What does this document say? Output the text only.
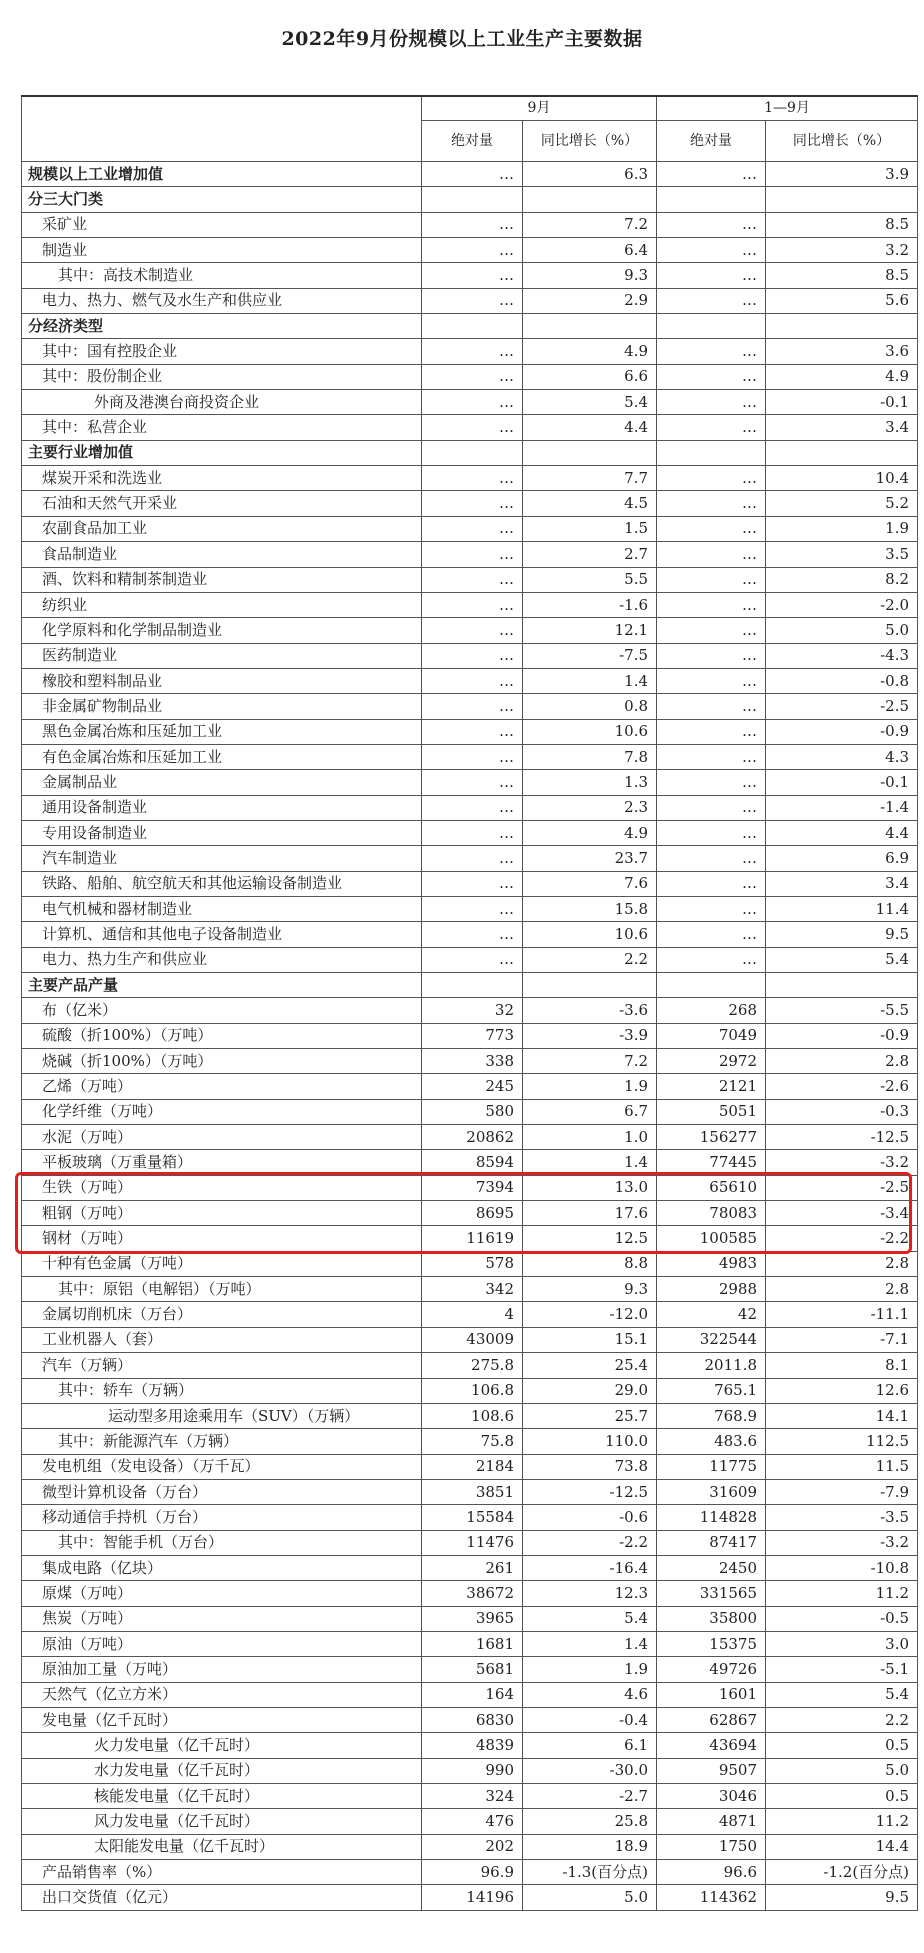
2022年9月份规模以上工业生产主要数据
	9月		1—9月	
	绝对量	同比增长（%）	绝对量	同比增长（%）
规模以上工业增加值	…	6.3	…	3.9
分三大门类				
采矿业	…	7.2	…	8.5
制造业	…	6.4	…	3.2
其中：高技术制造业	…	9.3	…	8.5
电力、热力、燃气及水生产和供应业	…	2.9	…	5.6
分经济类型				
其中：国有控股企业	…	4.9	…	3.6
其中：股份制企业	…	6.6	…	4.9
外商及港澳台商投资企业	…	5.4	…	-0.1
其中：私营企业	…	4.4	…	3.4
主要行业增加值				
煤炭开采和洗选业	…	7.7	…	10.4
石油和天然气开采业	…	4.5	…	5.2
农副食品加工业	…	1.5	…	1.9
食品制造业	…	2.7	…	3.5
酒、饮料和精制茶制造业	…	5.5	…	8.2
纺织业	…	-1.6	…	-2.0
化学原料和化学制品制造业	…	12.1	…	5.0
医药制造业	…	-7.5	…	-4.3
橡胶和塑料制品业	…	1.4	…	-0.8
非金属矿物制品业	…	0.8	…	-2.5
黑色金属冶炼和压延加工业	…	10.6	…	-0.9
有色金属冶炼和压延加工业	…	7.8	…	4.3
金属制品业	…	1.3	…	-0.1
通用设备制造业	…	2.3	…	-1.4
专用设备制造业	…	4.9	…	4.4
汽车制造业	…	23.7	…	6.9
铁路、船舶、航空航天和其他运输设备制造业	…	7.6	…	3.4
电气机械和器材制造业	…	15.8	…	11.4
计算机、通信和其他电子设备制造业	…	10.6	…	9.5
电力、热力生产和供应业	…	2.2	…	5.4
主要产品产量				
布（亿米）	32	-3.6	268	-5.5
硫酸（折100%）（万吨）	773	-3.9	7049	-0.9
烧碱（折100%）（万吨）	338	7.2	2972	2.8
乙烯（万吨）	245	1.9	2121	-2.6
化学纤维（万吨）	580	6.7	5051	-0.3
水泥（万吨）	20862	1.0	156277	-12.5
平板玻璃（万重量箱）	8594	1.4	77445	-3.2
生铁（万吨）	7394	13.0	65610	-2.5
粗钢（万吨）	8695	17.6	78083	-3.4
钢材（万吨）	11619	12.5	100585	-2.2
十种有色金属（万吨）	578	8.8	4983	2.8
其中：原铝（电解铝）（万吨）	342	9.3	2988	2.8
金属切削机床（万台）	4	-12.0	42	-11.1
工业机器人（套）	43009	15.1	322544	-7.1
汽车（万辆）	275.8	25.4	2011.8	8.1
其中：轿车（万辆）	106.8	29.0	765.1	12.6
运动型多用途乘用车（SUV）（万辆）	108.6	25.7	768.9	14.1
其中：新能源汽车（万辆）	75.8	110.0	483.6	112.5
发电机组（发电设备）（万千瓦）	2184	73.8	11775	11.5
微型计算机设备（万台）	3851	-12.5	31609	-7.9
移动通信手持机（万台）	15584	-0.6	114828	-3.5
其中：智能手机（万台）	11476	-2.2	87417	-3.2
集成电路（亿块）	261	-16.4	2450	-10.8
原煤（万吨）	38672	12.3	331565	11.2
焦炭（万吨）	3965	5.4	35800	-0.5
原油（万吨）	1681	1.4	15375	3.0
原油加工量（万吨）	5681	1.9	49726	-5.1
天然气（亿立方米）	164	4.6	1601	5.4
发电量（亿千瓦时）	6830	-0.4	62867	2.2
火力发电量（亿千瓦时）	4839	6.1	43694	0.5
水力发电量（亿千瓦时）	990	-30.0	9507	5.0
核能发电量（亿千瓦时）	324	-2.7	3046	0.5
风力发电量（亿千瓦时）	476	25.8	4871	11.2
太阳能发电量（亿千瓦时）	202	18.9	1750	14.4
产品销售率（%）	96.9	-1.3(百分点)	96.6	-1.2(百分点)
出口交货值（亿元）	14196	5.0	114362	9.5
